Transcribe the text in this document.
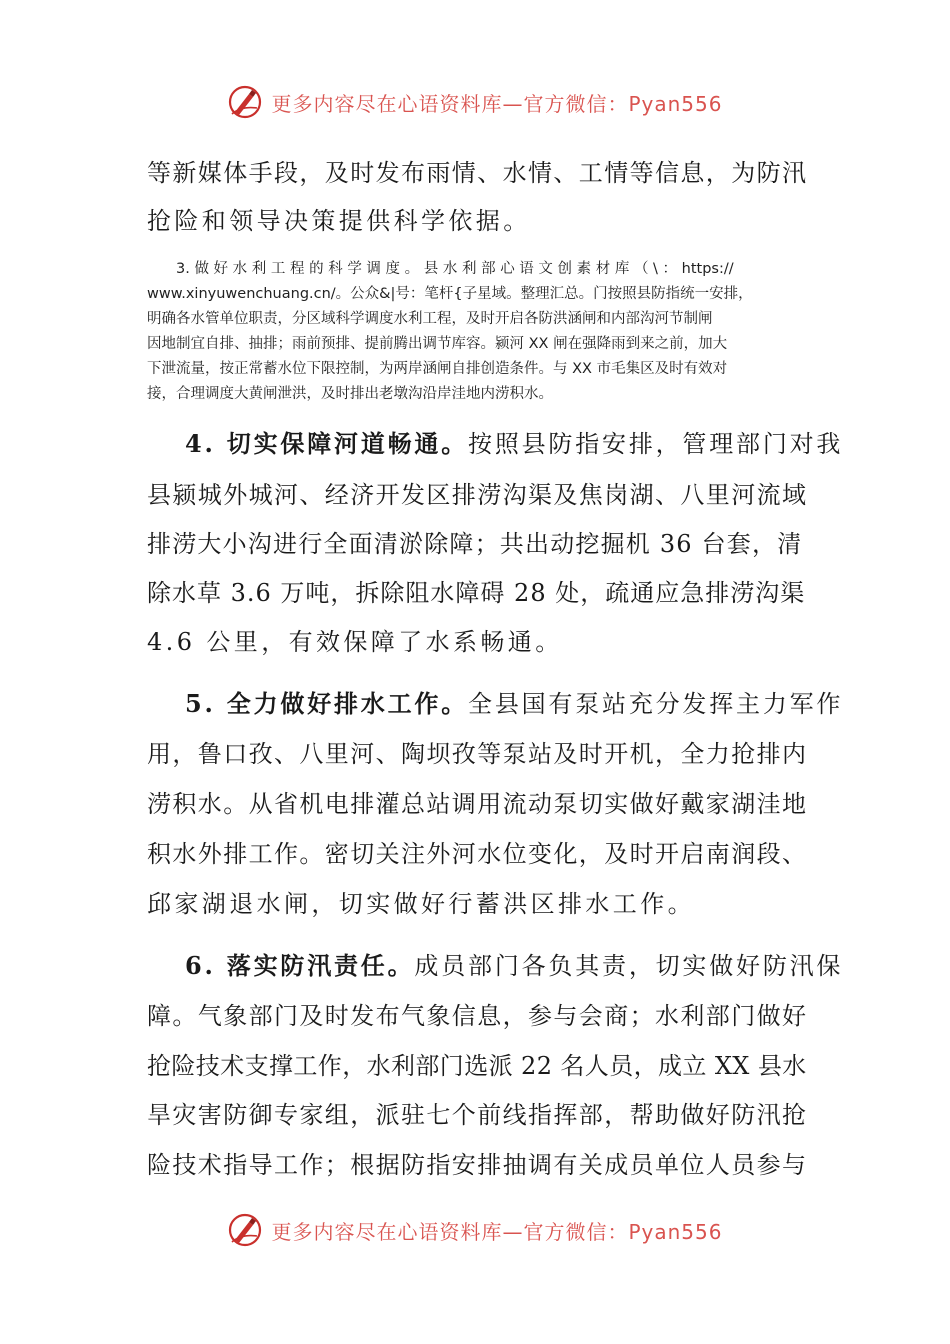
更多内容尽在心语资料库—官方微信：Pyan556
等新媒体手段，及时发布雨情、水情、工情等信息，为防汛
抢险和领导决策提供科学依据。
3. 做 好 水 利 工 程 的 科 学 调 度 。 县 水 利 部 心 语 文 创 素 材 库 （ \ ： https://
www.xinyuwenchuang.cn/。公众&|号：笔杆{子星域。整理汇总。门按照县防指统一安排，
明确各水管单位职责，分区域科学调度水利工程，及时开启各防洪涵闸和内部沟河节制闸
因地制宜自排、抽排；雨前预排、提前腾出调节库容。颍河 XX 闸在强降雨到来之前，加大
下泄流量，按正常蓄水位下限控制，为两岸涵闸自排创造条件。与 XX 市毛集区及时有效对
接，合理调度大黄闸泄洪，及时排出老墩沟沿岸洼地内涝积水。
4. 切实保障河道畅通。按照县防指安排，管理部门对我
县颍城外城河、经济开发区排涝沟渠及焦岗湖、八里河流域
排涝大小沟进行全面清淤除障；共出动挖掘机 36 台套，清
除水草 3.6 万吨，拆除阻水障碍 28 处，疏通应急排涝沟渠
4.6 公里，有效保障了水系畅通。
5. 全力做好排水工作。全县国有泵站充分发挥主力军作
用，鲁口孜、八里河、陶坝孜等泵站及时开机，全力抢排内
涝积水。从省机电排灌总站调用流动泵切实做好戴家湖洼地
积水外排工作。密切关注外河水位变化，及时开启南润段、
邱家湖退水闸，切实做好行蓄洪区排水工作。
6. 落实防汛责任。成员部门各负其责，切实做好防汛保
障。气象部门及时发布气象信息，参与会商；水利部门做好
抢险技术支撑工作，水利部门选派 22 名人员，成立 XX 县水
旱灾害防御专家组，派驻七个前线指挥部，帮助做好防汛抢
险技术指导工作；根据防指安排抽调有关成员单位人员参与
更多内容尽在心语资料库—官方微信：Pyan556
